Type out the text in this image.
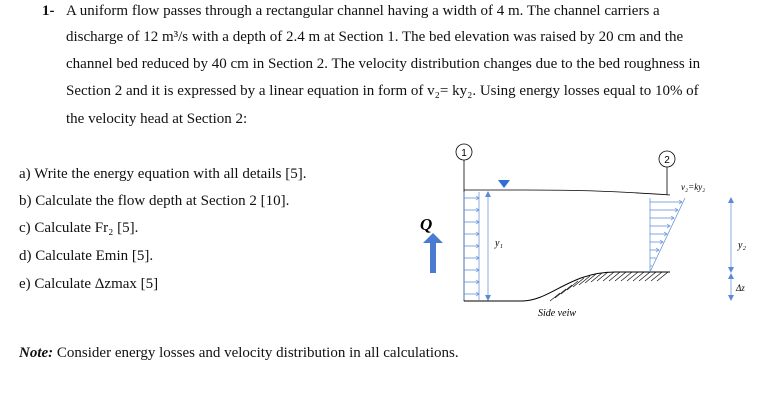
1- A uniform flow passes through a rectangular channel having a width of 4 m. The channel carriers a
discharge of 12 m³/s with a depth of 2.4 m at Section 1. The bed elevation was raised by 20 cm and the
channel bed reduced by 40 cm in Section 2. The velocity distribution changes due to the bed roughness in
Section 2 and it is expressed by a linear equation in form of v₂= ky₂. Using energy losses equal to 10% of
the velocity head at Section 2:
a) Write the energy equation with all details [5].
b) Calculate the flow depth at Section 2 [10].
c) Calculate Fr₂ [5].
d) Calculate Emin [5].
e) Calculate Δzmax [5]
Note: Consider energy losses and velocity distribution in all calculations.
Q
1
y₁
2
v₂=ky₂
y₂
Δz
Side veiw
